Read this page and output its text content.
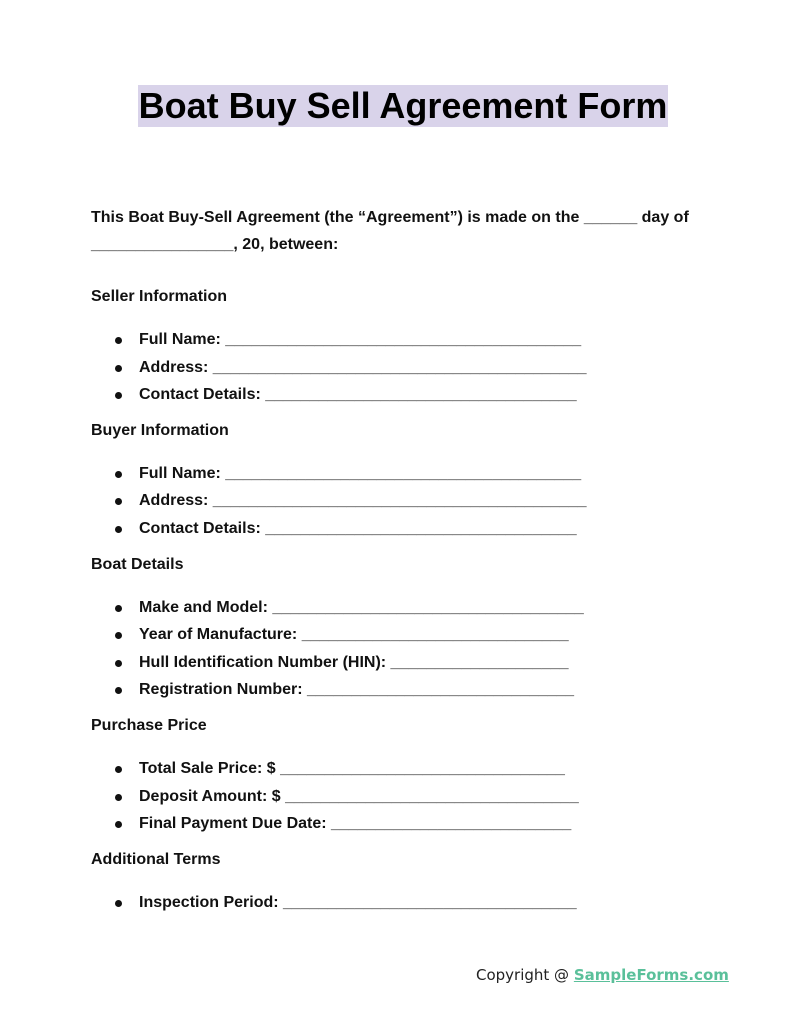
Boat Buy Sell Agreement Form

This Boat Buy-Sell Agreement (the “Agreement”) is made on the ______ day of ________________, 20, between:

Seller Information

Full Name: ________________________________________
Address: __________________________________________
Contact Details: ___________________________________

Buyer Information

Full Name: ________________________________________
Address: __________________________________________
Contact Details: ___________________________________

Boat Details

Make and Model: ___________________________________
Year of Manufacture: ______________________________
Hull Identification Number (HIN): ____________________
Registration Number: ______________________________

Purchase Price

Total Sale Price: $ ________________________________
Deposit Amount: $ _________________________________
Final Payment Due Date: ___________________________

Additional Terms

Inspection Period: _________________________________
Copyright @ SampleForms.com
